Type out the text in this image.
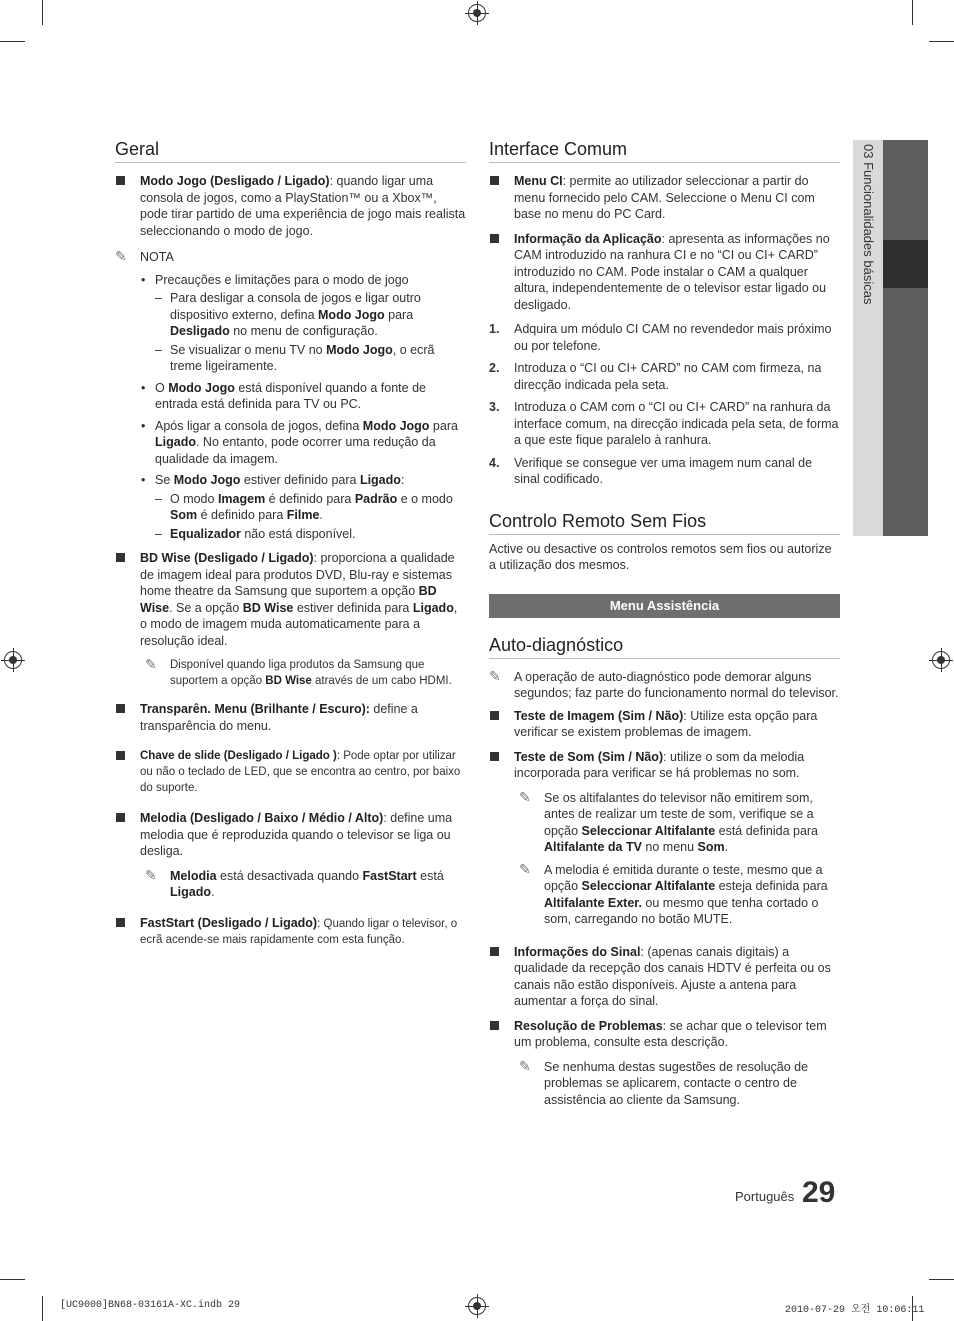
03 Funcionalidades básicas
Geral
Modo Jogo (Desligado / Ligado): quando ligar uma consola de jogos, como a PlayStation™ ou a Xbox™, pode tirar partido de uma experiência de jogo mais realista seleccionando o modo de jogo.
✎ NOTA
• Precauções e limitações para o modo de jogo
– Para desligar a consola de jogos e ligar outro dispositivo externo, defina Modo Jogo para Desligado no menu de configuração.
– Se visualizar o menu TV no Modo Jogo, o ecrã treme ligeiramente.
• O Modo Jogo está disponível quando a fonte de entrada está definida para TV ou PC.
• Após ligar a consola de jogos, defina Modo Jogo para Ligado. No entanto, pode ocorrer uma redução da qualidade da imagem.
• Se Modo Jogo estiver definido para Ligado:
– O modo Imagem é definido para Padrão e o modo Som é definido para Filme.
– Equalizador não está disponível.
BD Wise (Desligado / Ligado): proporciona a qualidade de imagem ideal para produtos DVD, Blu-ray e sistemas home theatre da Samsung que suportem a opção BD Wise. Se a opção BD Wise estiver definida para Ligado, o modo de imagem muda automaticamente para a resolução ideal.
✎ Disponível quando liga produtos da Samsung que suportem a opção BD Wise através de um cabo HDMI.
Transparên. Menu (Brilhante / Escuro): define a transparência do menu.
Chave de slide (Desligado / Ligado ): Pode optar por utilizar ou não o teclado de LED, que se encontra ao centro, por baixo do suporte.
Melodia (Desligado / Baixo / Médio / Alto): define uma melodia que é reproduzida quando o televisor se liga ou desliga.
✎ Melodia está desactivada quando FastStart está Ligado.
FastStart (Desligado / Ligado): Quando ligar o televisor, o ecrã acende-se mais rapidamente com esta função.
Interface Comum
Menu CI: permite ao utilizador seleccionar a partir do menu fornecido pelo CAM. Seleccione o Menu CI com base no menu do PC Card.
Informação da Aplicação: apresenta as informações no CAM introduzido na ranhura CI e no “CI ou CI+ CARD” introduzido no CAM. Pode instalar o CAM a qualquer altura, independentemente de o televisor estar ligado ou desligado.
1. Adquira um módulo CI CAM no revendedor mais próximo ou por telefone.
2. Introduza o “CI ou CI+ CARD” no CAM com firmeza, na direcção indicada pela seta.
3. Introduza o CAM com o “CI ou CI+ CARD” na ranhura da interface comum, na direcção indicada pela seta, de forma a que este fique paralelo à ranhura.
4. Verifique se consegue ver uma imagem num canal de sinal codificado.
Controlo Remoto Sem Fios
Active ou desactive os controlos remotos sem fios ou autorize a utilização dos mesmos.
Menu Assistência
Auto-diagnóstico
✎ A operação de auto-diagnóstico pode demorar alguns segundos; faz parte do funcionamento normal do televisor.
Teste de Imagem (Sim / Não): Utilize esta opção para verificar se existem problemas de imagem.
Teste de Som (Sim / Não): utilize o som da melodia incorporada para verificar se há problemas no som.
✎ Se os altifalantes do televisor não emitirem som, antes de realizar um teste de som, verifique se a opção Seleccionar Altifalante está definida para Altifalante da TV no menu Som.
✎ A melodia é emitida durante o teste, mesmo que a opção Seleccionar Altifalante esteja definida para Altifalante Exter. ou mesmo que tenha cortado o som, carregando no botão MUTE.
Informações do Sinal: (apenas canais digitais) a qualidade da recepção dos canais HDTV é perfeita ou os canais não estão disponíveis. Ajuste a antena para aumentar a força do sinal.
Resolução de Problemas: se achar que o televisor tem um problema, consulte esta descrição.
✎ Se nenhuma destas sugestões de resolução de problemas se aplicarem, contacte o centro de assistência ao cliente da Samsung.
Português 29
[UC9000]BN68-03161A-XC.indb 29	2010-07-29 오전 10:06:11
